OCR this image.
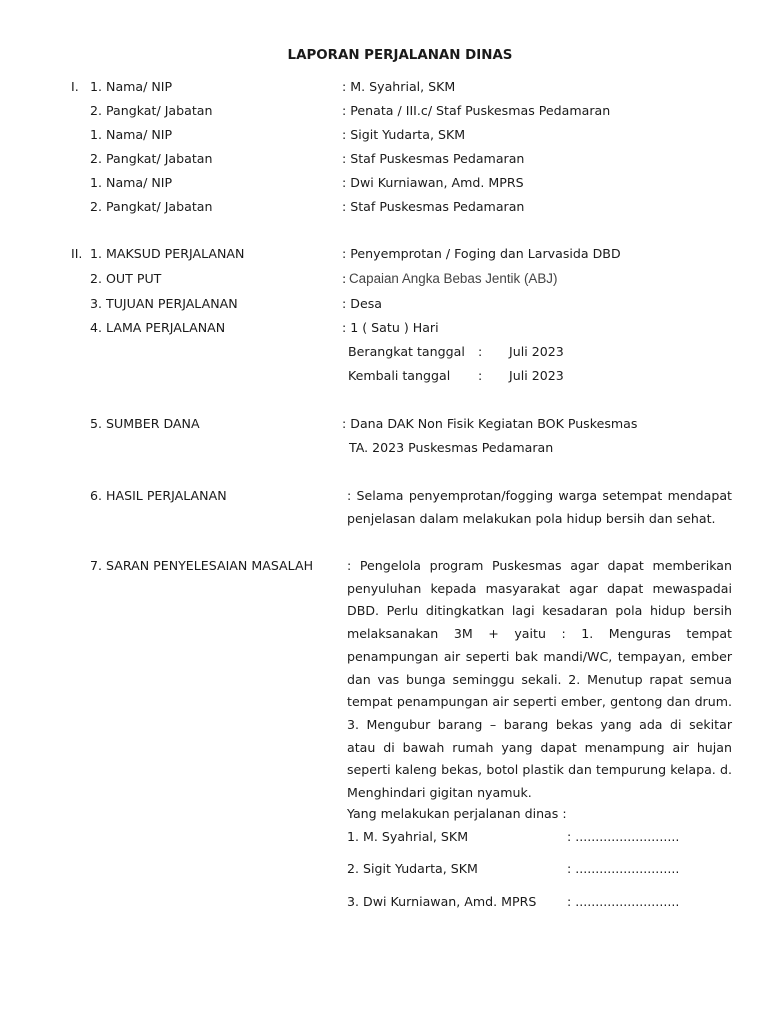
LAPORAN PERJALANAN DINAS
I. 1. Nama/ NIP	: M. Syahrial, SKM
2. Pangkat/ Jabatan	: Penata / III.c/ Staf Puskesmas Pedamaran
1. Nama/ NIP	: Sigit Yudarta, SKM
2. Pangkat/ Jabatan	: Staf Puskesmas Pedamaran
1. Nama/ NIP	: Dwi Kurniawan, Amd. MPRS
2. Pangkat/ Jabatan	: Staf Puskesmas Pedamaran
II. 1. MAKSUD PERJALANAN	: Penyemprotan / Foging dan Larvasida DBD
2. OUT PUT	: Capaian Angka Bebas Jentik (ABJ)
3. TUJUAN PERJALANAN	: Desa
4. LAMA PERJALANAN	: 1 ( Satu ) Hari
Berangkat tanggal : Juli 2023
Kembali tanggal : Juli 2023
5. SUMBER DANA	: Dana DAK Non Fisik Kegiatan BOK Puskesmas
TA. 2023 Puskesmas Pedamaran
6. HASIL PERJALANAN	: Selama penyemprotan/fogging warga setempat mendapat penjelasan dalam melakukan pola hidup bersih dan sehat.
7. SARAN PENYELESAIAN MASALAH	: Pengelola program Puskesmas agar dapat memberikan penyuluhan kepada masyarakat agar dapat mewaspadai DBD. Perlu ditingkatkan lagi kesadaran pola hidup bersih melaksanakan 3M + yaitu : 1. Menguras tempat penampungan air seperti bak mandi/WC, tempayan, ember dan vas bunga seminggu sekali. 2. Menutup rapat semua tempat penampungan air seperti ember, gentong dan drum. 3. Mengubur barang – barang bekas yang ada di sekitar atau di bawah rumah yang dapat menampung air hujan seperti kaleng bekas, botol plastik dan tempurung kelapa. d. Menghindari gigitan nyamuk.
Yang melakukan perjalanan dinas :
1. M. Syahrial, SKM	: ..........................
2. Sigit Yudarta, SKM	: ..........................
3. Dwi Kurniawan, Amd. MPRS : ..........................
